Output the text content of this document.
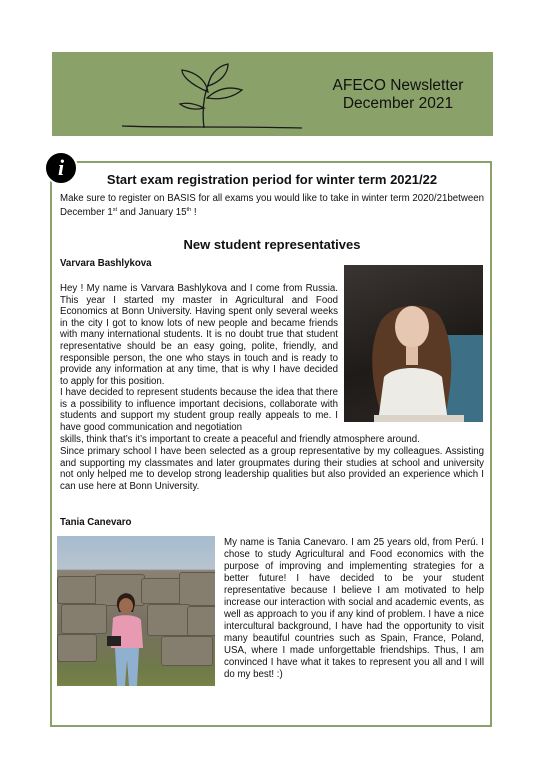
AFECO Newsletter
December 2021
i	Start exam registration period for winter term 2021/22
Make sure to register on BASIS for all exams you would like to take in winter term 2020/21between December 1st and January 15th !
New student representatives
Varvara Bashlykova
Hey ! My name is Varvara Bashlykova and I come from Russia. This year I started my master in Agricultural and Food Economics at Bonn University. Having spent only several weeks in the city I got to know lots of new people and became friends with many international students. It is no doubt true that student representative should be an easy going, polite, friendly, and responsible person, the one who stays in touch and is ready to provide any information at any time, that is why I have decided to apply for this position.
I have decided to represent students because the idea that there is a possibility to influence important decisions, collaborate with students and support my student group really appeals to me. I have good communication and negotiation
skills, think that’s it’s important to create a peaceful and friendly atmosphere around.
Since primary school I have been selected as a group representative by my colleagues. Assisting and supporting my classmates and later groupmates during their studies at school and university not only helped me to develop strong leadership qualities but also provided an experience which I can use here at Bonn University.
Tania Canevaro
My name is Tania Canevaro. I am 25 years old, from Perú. I chose to study Agricultural and Food economics with the purpose of improving and implementing strategies for a better future! I have decided to be your student representative because I believe I am motivated to help increase our interaction with social and academic events, as well as approach to you if any kind of problem. I have a nice intercultural background, I have had the opportunity to visit many beautiful countries such as Spain, France, Poland, USA, where I made unforgettable friendships. Thus, I am convinced I have what it takes to represent you all and I will do my best! :)
